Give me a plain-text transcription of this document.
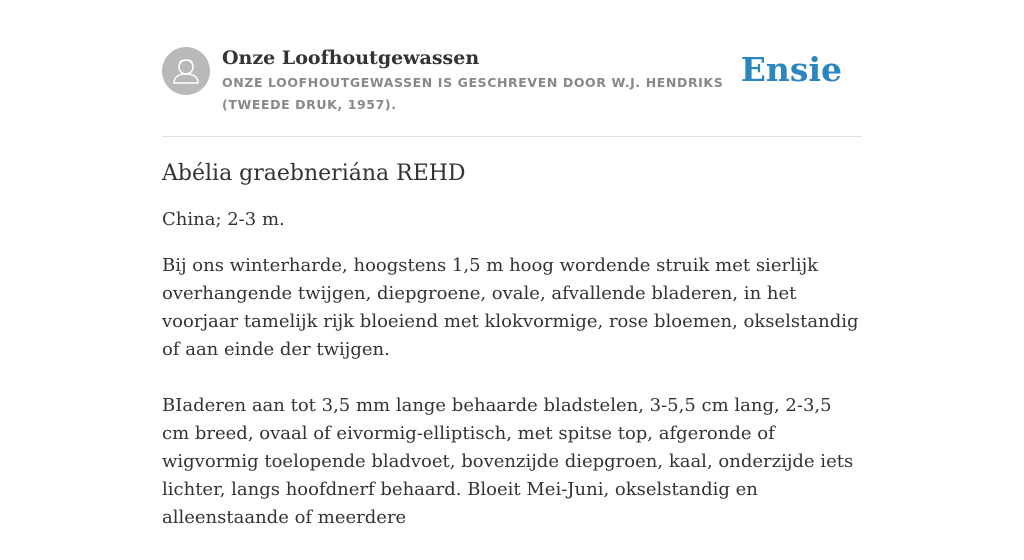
Onze Loofhoutgewassen

ONZE LOOFHOUTGEWASSEN IS GESCHREVEN DOOR W.J. HENDRIKS (TWEEDE DRUK, 1957).

Ensie
Abélia graebneriána REHD

China; 2-3 m.

Bij ons winterharde, hoogstens 1,5 m hoog wordende struik met sierlijk overhangende twijgen, diepgroene, ovale, afvallende bladeren, in het voorjaar tamelijk rijk bloeiend met klokvormige, rose bloemen, okselstandig of aan einde der twijgen.

BIaderen aan tot 3,5 mm lange behaarde bladstelen, 3-5,5 cm lang, 2-3,5 cm breed, ovaal of eivormig-elliptisch, met spitse top, afgeronde of wigvormig toelopende bladvoet, bovenzijde diepgroen, kaal, onderzijde iets lichter, langs hoofdnerf behaard. Bloeit Mei-Juni, okselstandig en alleenstaande of meerdere
